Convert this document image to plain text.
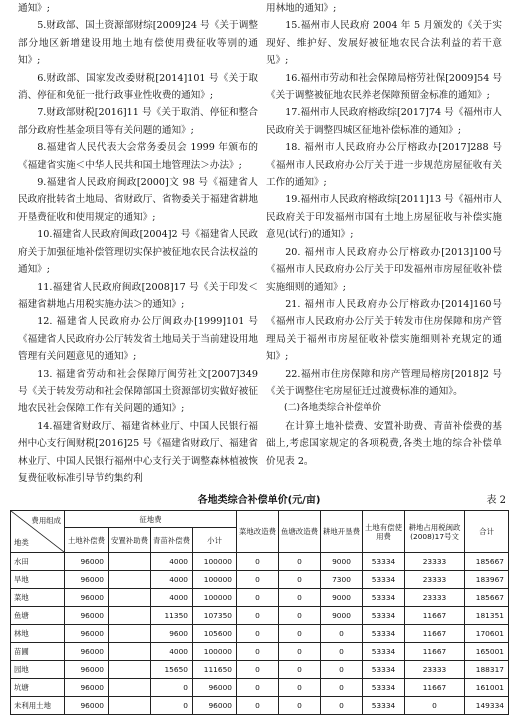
通知》;

5.财政部、国土资源部财综[2009]24 号《关于调整部分地区新增建设用地土地有偿使用费征收等别的通知》;

6.财政部、国家发改委财税[2014]101 号《关于取消、停征和免征一批行政事业性收费的通知》;

7.财政部财税[2016]11 号《关于取消、停征和整合部分政府性基金项目等有关问题的通知》;

8.福建省人民代表大会常务委员会 1999 年颁布的《福建省实施＜中华人民共和国土地管理法＞办法》;

9.福建省人民政府闽政[2000]文 98 号《福建省人民政府批转省土地局、省财政厅、省物委关于福建省耕地开垦费征收和使用规定的通知》;

10.福建省人民政府闽政[2004]2 号《福建省人民政府关于加强征地补偿管理切实保护被征地农民合法权益的通知》;

11.福建省人民政府闽政[2008]17 号《关于印发＜福建省耕地占用税实施办法＞的通知》;

12. 福建省人民政府办公厅闽政办[1999]101 号《福建省人民政府办公厅转发省土地局关于当前建设用地管理有关问题意见的通知》;

13. 福建省劳动和社会保障厅闽劳社文[2007]349 号《关于转发劳动和社会保障部国土资源部切实做好被征地农民社会保障工作有关问题的通知》;

14.福建省财政厅、福建省林业厅、中国人民银行福州中心支行闽财税[2016]25 号《福建省财政厅、福建省林业厅、中国人民银行福州中心支行关于调整森林植被恢复费征收标准引导节约集约利

用林地的通知》;

15.福州市人民政府 2004 年 5 月颁发的《关于实现好、维护好、发展好被征地农民合法利益的若干意见》;

16.福州市劳动和社会保障局榕劳社保[2009]54 号《关于调整被征地农民养老保障预留金标准的通知》;

17.福州市人民政府榕政综[2017]74 号《福州市人民政府关于调整四城区征地补偿标准的通知》;

18. 福州市人民政府办公厅榕政办[2017]288 号《福州市人民政府办公厅关于进一步规范房屋征收有关工作的通知》;

19.福州市人民政府榕政综[2011]13 号《福州市人民政府关于印发福州市国有土地上房屋征收与补偿实施意见(试行)的通知》;

20. 福州市人民政府办公厅榕政办[2013]100号《福州市人民政府办公厅关于印发福州市房屋征收补偿实施细则的通知》;

21. 福州市人民政府办公厅榕政办[2014]160号《福州市人民政府办公厅关于转发市住房保障和房产管理局关于福州市房屋征收补偿实施细则补充规定的通知》;

22.福州市住房保障和房产管理局榕房[2018]2 号《关于调整住宅房屋征迁过渡费标准的通知》。

(二)各地类综合补偿单价

在计算土地补偿费、安置补助费、青苗补偿费的基础上,考虑国家规定的各项税费,各类土地的综合补偿单价见表 2。

各地类综合补偿单价(元/亩)	表 2
费用组成
地类	征地费				菜地改造费	鱼塘改造费	耕地开垦费	土地有偿使用费	耕地占用税闽政(2008)17号文	合计
	土地补偿费	安置补助费	青苗补偿费	小计						
水田	96000		4000	100000	0	0	9000	53334	23333	185667
旱地	96000		4000	100000	0	0	7300	53334	23333	183967
菜地	96000		4000	100000	0	0	9000	53334	23333	185667
鱼塘	96000		11350	107350	0	0	9000	53334	11667	181351
林地	96000		9600	105600	0	0	0	53334	11667	170601
苗圃	96000		4000	100000	0	0	0	53334	11667	165001
园地	96000		15650	111650	0	0	0	53334	23333	188317
坑塘	96000		0	96000	0	0	0	53334	11667	161001
未利用土地	96000		0	96000	0	0	0	53334	0	149334
